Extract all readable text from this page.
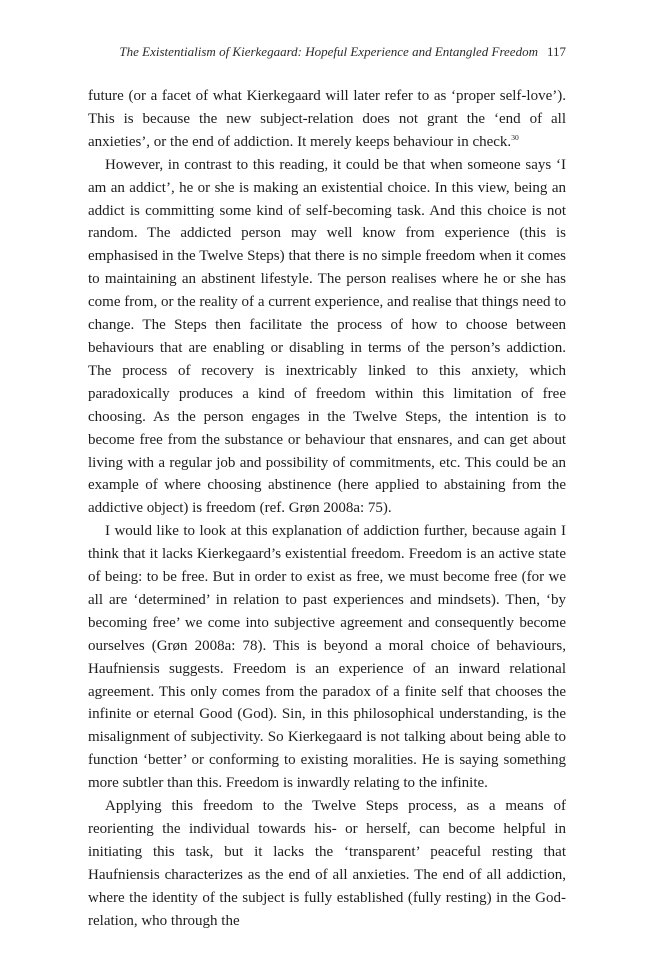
The Existentialism of Kierkegaard: Hopeful Experience and Entangled Freedom 117

future (or a facet of what Kierkegaard will later refer to as ‘proper self-love’). This is because the new subject-relation does not grant the ‘end of all anxieties’, or the end of addiction. It merely keeps behaviour in check.$^{30}$

However, in contrast to this reading, it could be that when someone says ‘I am an addict’, he or she is making an existential choice. In this view, being an addict is committing some kind of self-becoming task. And this choice is not random. The addicted person may well know from experience (this is emphasised in the Twelve Steps) that there is no simple freedom when it comes to maintaining an abstinent lifestyle. The person realises where he or she has come from, or the reality of a current experience, and realise that things need to change. The Steps then facilitate the process of how to choose between behaviours that are enabling or disabling in terms of the person’s addiction. The process of recovery is inextricably linked to this anxiety, which paradoxically produces a kind of freedom within this limitation of free choosing. As the person engages in the Twelve Steps, the intention is to become free from the substance or behaviour that ensnares, and can get about living with a regular job and possibility of commitments, etc. This could be an example of where choosing abstinence (here applied to abstaining from the addictive object) is freedom (ref. Grøn 2008a: 75).

I would like to look at this explanation of addiction further, because again I think that it lacks Kierkegaard’s existential freedom. Freedom is an active state of being: to be free. But in order to exist as free, we must become free (for we all are ‘determined’ in relation to past experiences and mindsets). Then, ‘by becoming free’ we come into subjective agreement and consequently become ourselves (Grøn 2008a: 78). This is beyond a moral choice of behaviours, Haufniensis suggests. Freedom is an experience of an inward relational agreement. This only comes from the paradox of a finite self that chooses the infinite or eternal Good (God). Sin, in this philosophical understanding, is the misalignment of subjectivity. So Kierkegaard is not talking about being able to function ‘better’ or conforming to existing moralities. He is saying something more subtler than this. Freedom is inwardly relating to the infinite.

Applying this freedom to the Twelve Steps process, as a means of reorienting the individual towards his- or herself, can become helpful in initiating this task, but it lacks the ‘transparent’ peaceful resting that Haufniensis characterizes as the end of all anxieties. The end of all addiction, where the identity of the subject is fully established (fully resting) in the God-relation, who through the
